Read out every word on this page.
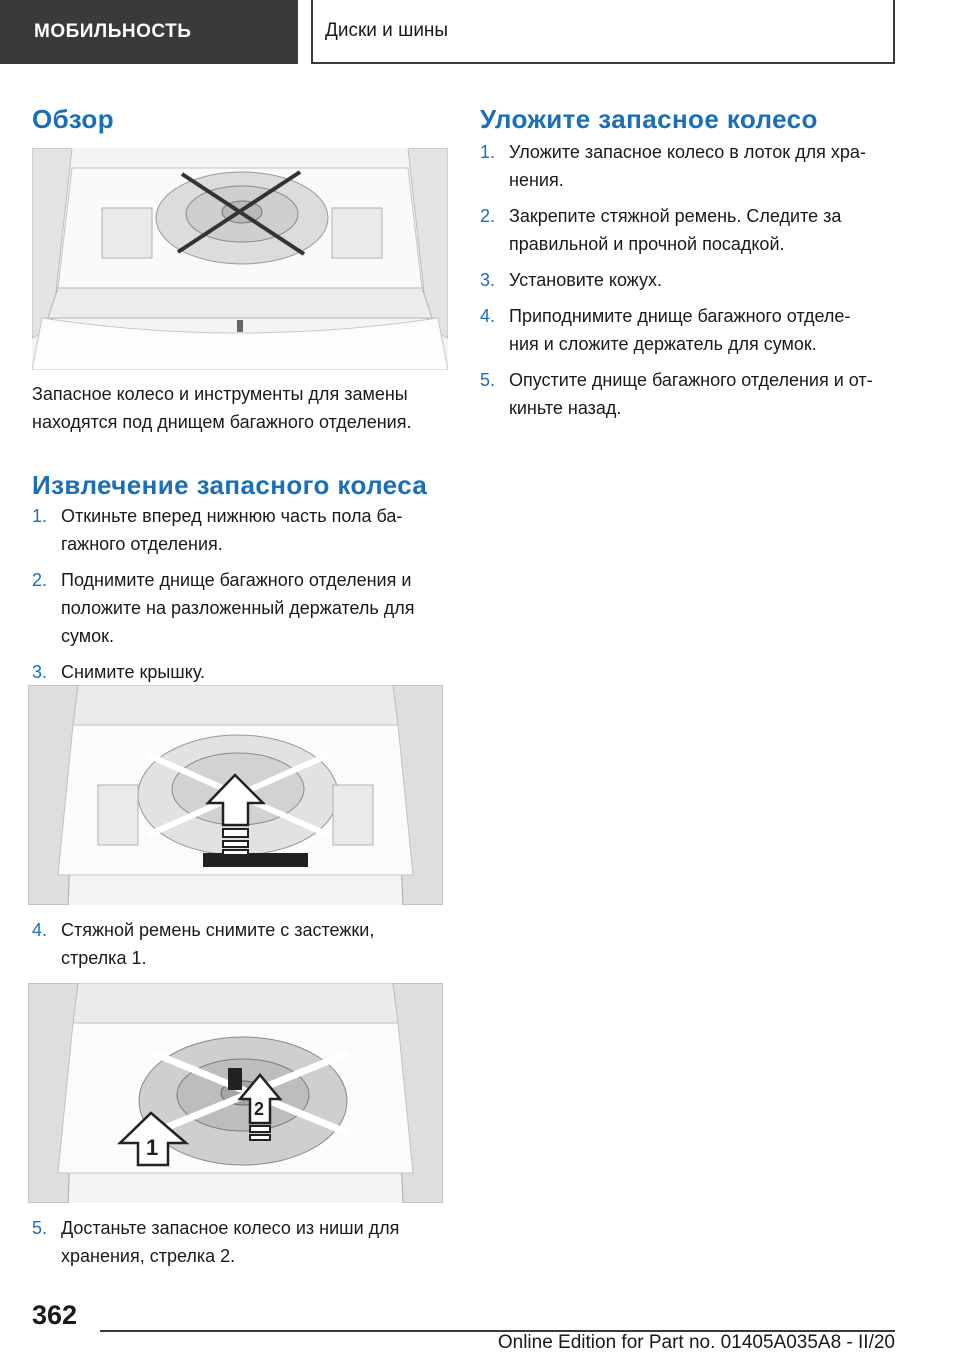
МОБИЛЬНОСТЬ	Диски и шины
Обзор

Запасное колесо и инструменты для замены
находятся под днищем багажного отделения.

Извлечение запасного колеса
1. Откиньте вперед нижнюю часть пола ба-
гажного отделения.
2. Поднимите днище багажного отделения и
положите на разложенный держатель для
сумок.
3. Снимите крышку.
4. Стяжной ремень снимите с застежки,
стрелка 1.
1
2
5. Достаньте запасное колесо из ниши для
хранения, стрелка 2.
Уложите запасное колесо
1. Уложите запасное колесо в лоток для хра-
нения.
2. Закрепите стяжной ремень. Следите за
правильной и прочной посадкой.
3. Установите кожух.
4. Приподнимите днище багажного отделе-
ния и сложите держатель для сумок.
5. Опустите днище багажного отделения и от-
киньте назад.
362
Online Edition for Part no. 01405A035A8 - II/20
